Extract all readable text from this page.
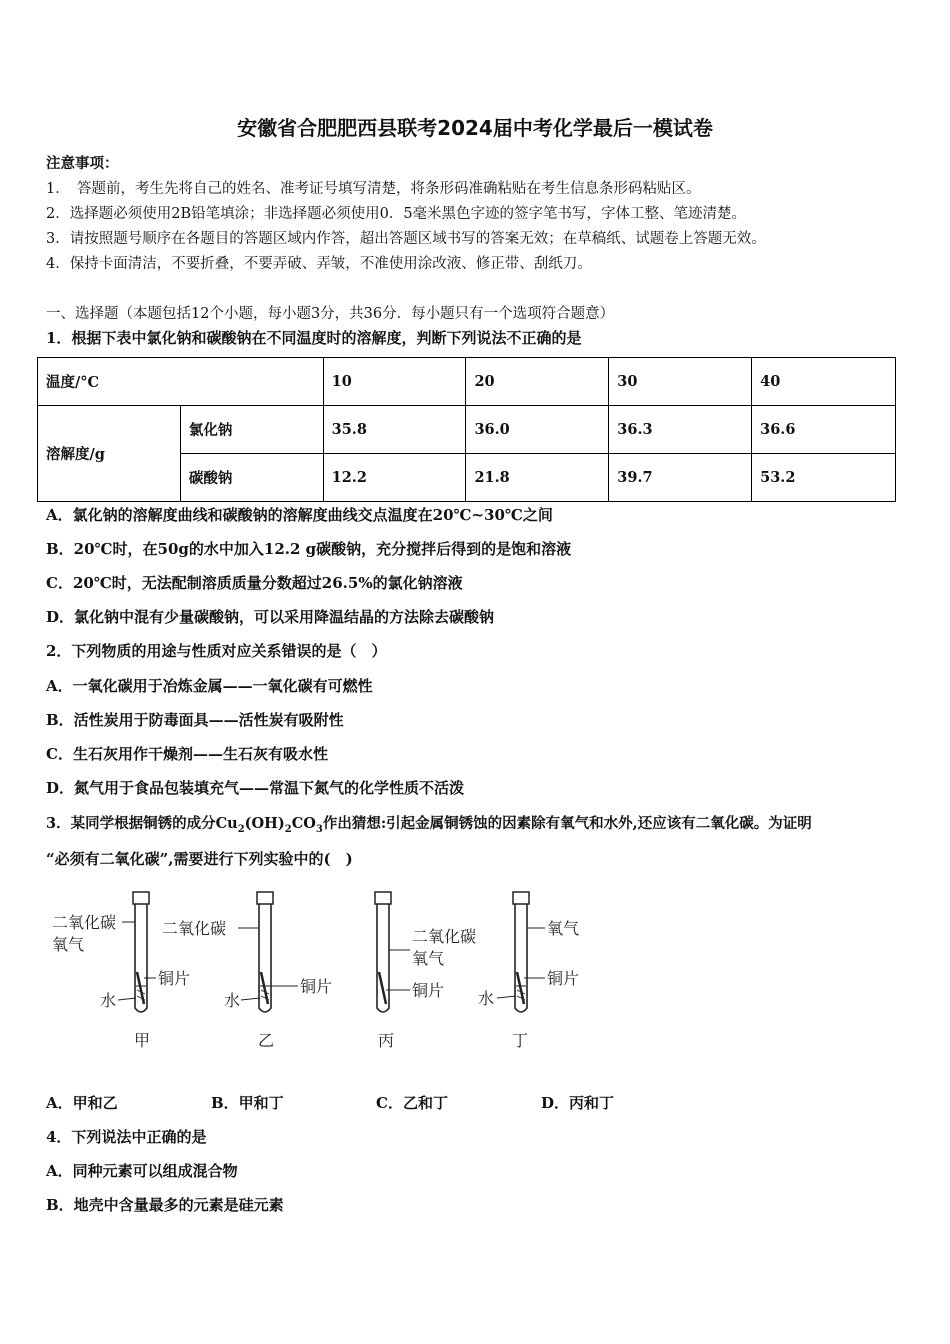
安徽省合肥肥西县联考2024届中考化学最后一模试卷
注意事项：
1．　答题前，考生先将自己的姓名、准考证号填写清楚，将条形码准确粘贴在考生信息条形码粘贴区。
2．选择题必须使用2B铅笔填涂；非选择题必须使用0．5毫米黑色字迹的签字笔书写，字体工整、笔迹清楚。
3．请按照题号顺序在各题目的答题区域内作答，超出答题区域书写的答案无效；在草稿纸、试题卷上答题无效。
4．保持卡面清洁，不要折叠，不要弄破、弄皱，不准使用涂改液、修正带、刮纸刀。
一、选择题（本题包括12个小题，每小题3分，共36分．每小题只有一个选项符合题意）
1．根据下表中氯化钠和碳酸钠在不同温度时的溶解度，判断下列说法不正确的是
温度/°C		10	20	30	40
溶解度/g	氯化钠	35.8	36.0	36.3	36.6
	碳酸钠	12.2	21.8	39.7	53.2
A．氯化钠的溶解度曲线和碳酸钠的溶解度曲线交点温度在20℃~30℃之间
B．20℃时，在50g的水中加入12.2 g碳酸钠，充分搅拌后得到的是饱和溶液
C．20℃时，无法配制溶质质量分数超过26.5%的氯化钠溶液
D．氯化钠中混有少量碳酸钠，可以采用降温结晶的方法除去碳酸钠
2．下列物质的用途与性质对应关系错误的是（　）
A．一氧化碳用于冶炼金属——一氧化碳有可燃性
B．活性炭用于防毒面具——活性炭有吸附性
C．生石灰用作干燥剂——生石灰有吸水性
D．氮气用于食品包装填充气——常温下氮气的化学性质不活泼
3．某同学根据铜锈的成分$Cu_2(OH)_2CO_3$作出猜想:引起金属铜锈蚀的因素除有氧气和水外,还应该有二氧化碳。为证明
“必须有二氧化碳”,需要进行下列实验中的(　)
二氧化碳
氧气
铜片
水
甲
二氧化碳
铜片
水
乙
二氧化碳
氧气
铜片
丙
氧气
铜片
水
丁
A．甲和乙	B．甲和丁	C．乙和丁	D．丙和丁
4．下列说法中正确的是
A．同种元素可以组成混合物
B．地壳中含量最多的元素是硅元素
